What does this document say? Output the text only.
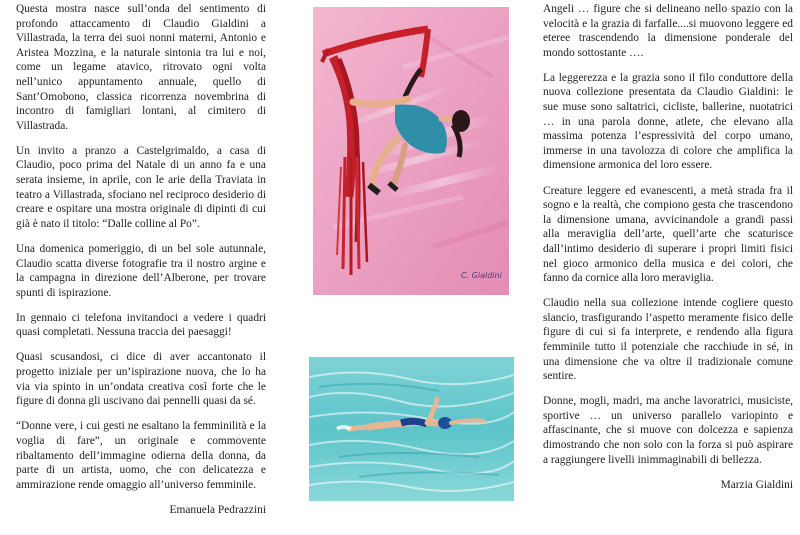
Questa mostra nasce sull’onda del sentimento di profondo attaccamento di Claudio Gialdini a Villastrada, la terra dei suoi nonni materni, Antonio e Aristea Mozzina, e la naturale sintonia tra lui e noi, come un legame atavico, ritrovato ogni volta nell’unico appuntamento annuale, quello di Sant’Omobono, classica ricorrenza novembrina di incontro di famigliari lontani, al cimitero di Villastrada.

Un invito a pranzo a Castelgrimaldo, a casa di Claudio, poco prima del Natale di un anno fa e una serata insieme, in aprile, con le arie della Traviata in teatro a Villastrada, sfociano nel reciproco desiderio di creare e ospitare una mostra originale di dipinti di cui già è nato il titolo: “Dalle colline al Po”.

Una domenica pomeriggio, di un bel sole autunnale, Claudio scatta diverse fotografie tra il nostro argine e la campagna in direzione dell’Alberone, per trovare spunti di ispirazione.

In gennaio ci telefona invitandoci a vedere i quadri quasi completati. Nessuna traccia dei paesaggi!

Quasi scusandosi, ci dice di aver accantonato il progetto iniziale per un’ispirazione nuova, che lo ha via via spinto in un’ondata creativa così forte che le figure di donna gli uscivano dai pennelli quasi da sé.

“Donne vere, i cui gesti ne esaltano la femminilità e la voglia di fare”, un originale e commovente ribaltamento dell’immagine odierna della donna, da parte di un artista, uomo, che con delicatezza e ammirazione rende omaggio all’universo femminile.

Emanuela Pedrazzini

C. Gialdini

Angeli … figure che si delineano nello spazio con la velocità e la grazia di farfalle....si muovono leggere ed eteree trascendendo la dimensione ponderale del mondo sottostante ….

La leggerezza e la grazia sono il filo conduttore della nuova collezione presentata da Claudio Gialdini: le sue muse sono saltatrici, cicliste, ballerine, nuotatrici … in una parola donne, atlete, che elevano alla massima potenza l’espressività del corpo umano, immerse in una tavolozza di colore che amplifica la dimensione armonica del loro essere.

Creature leggere ed evanescenti, a metà strada fra il sogno e la realtà, che compiono gesta che trascendono la dimensione umana, avvicinandole a grandi passi alla meraviglia dell’arte, quell’arte che scaturisce dall’intimo desiderio di superare i propri limiti fisici nel gioco armonico della musica e dei colori, che fanno da cornice alla loro meraviglia.

Claudio nella sua collezione intende cogliere questo slancio, trasfigurando l’aspetto meramente fisico delle figure di cui si fa interprete, e rendendo alla figura femminile tutto il potenziale che racchiude in sé, in una dimensione che va oltre il tradizionale comune sentire.

Donne, mogli, madri, ma anche lavoratrici, musiciste, sportive … un universo parallelo variopinto e affascinante, che si muove con dolcezza e sapienza dimostrando che non solo con la forza si può aspirare a raggiungere livelli inimmaginabili di bellezza.

Marzia Gialdini
